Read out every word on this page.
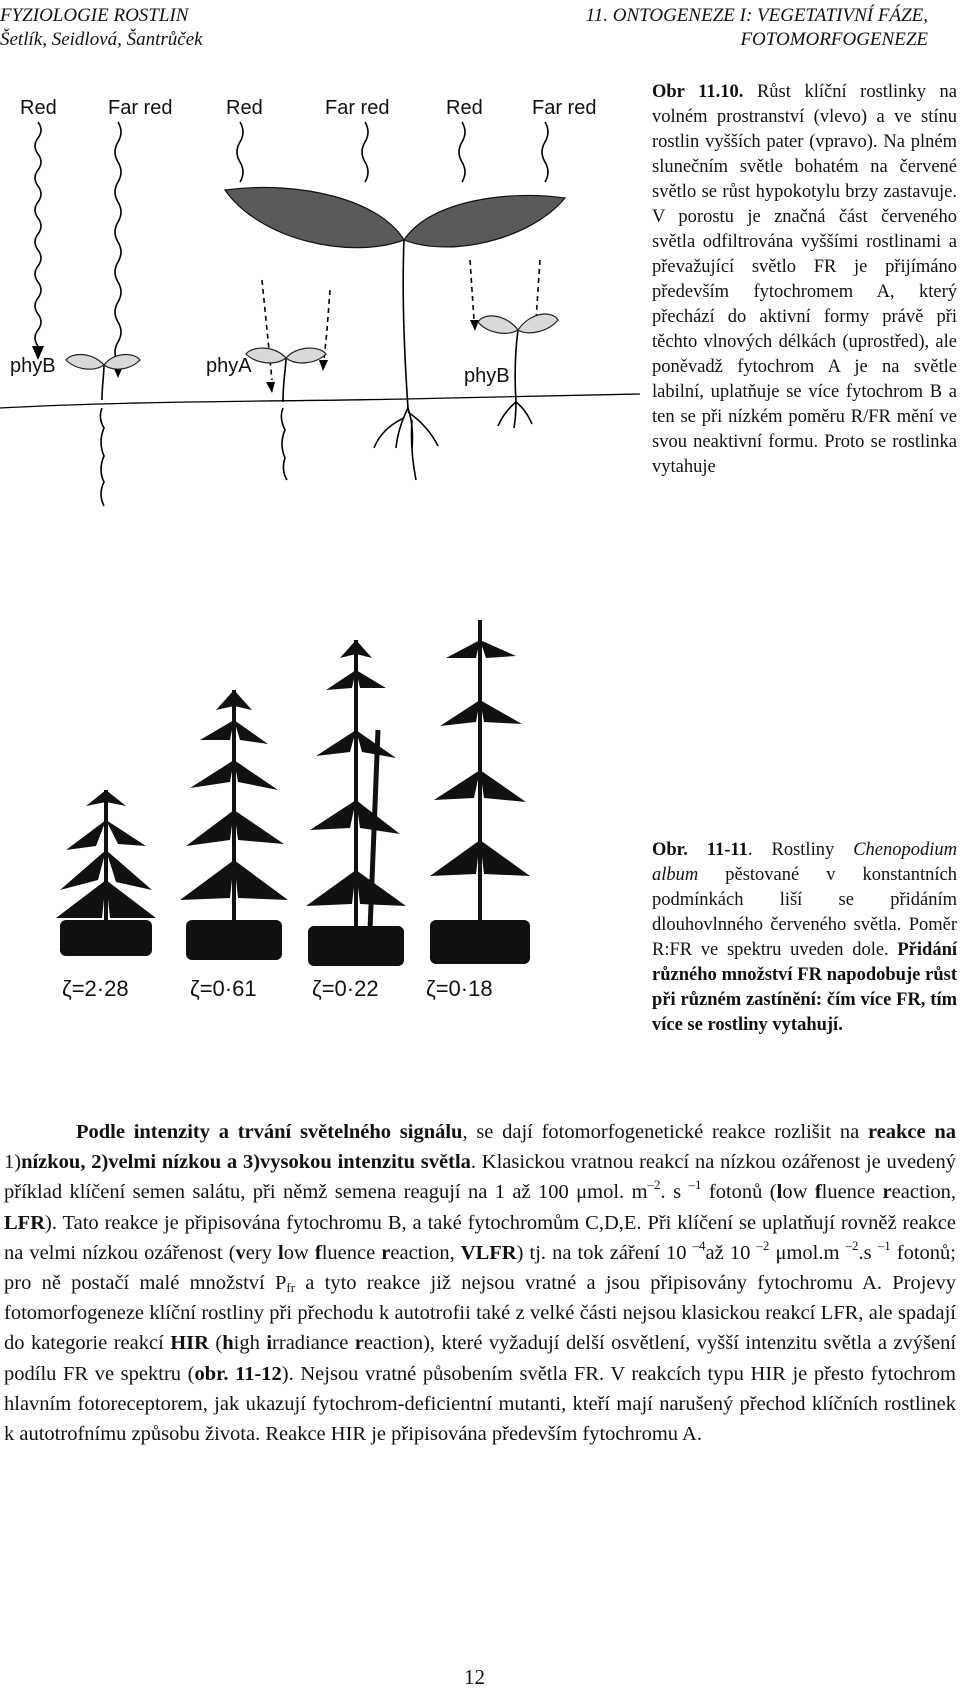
FYZIOLOGIE ROSTLIN
Šetlík, Seidlová, Šantrůček
11. ONTOGENEZE I: VEGETATIVNÍ FÁZE,
FOTOMORFOGENEZE
Red	Far red	Red	Far red	Red Far red
phyB	phyA	phyB
Obr 11.10. Růst klíční rostlinky na volném prostranství (vlevo) a ve stínu rostlin vyšších pater (vpravo). Na plném slunečním světle bohatém na červené světlo se růst hypokotylu brzy zastavuje. V porostu je značná část červeného světla odfiltrována vyššími rostlinami a převažující světlo FR je přijímáno především fytochromem A, který přechází do aktivní formy právě při těchto vlnových délkách (uprostřed), ale poněvadž fytochrom A je na světle labilní, uplatňuje se více fytochrom B a ten se při nízkém poměru R/FR mění ve svou neaktivní formu. Proto se rostlinka vytahuje
ζ=2·28	ζ=0·61	ζ=0·22 ζ=0·18
Obr. 11-11. Rostliny Chenopodium album pěstované v konstantních podmínkách liší se přidáním dlouhovlnného červeného světla. Poměr R:FR ve spektru uveden dole. Přidání různého množství FR napodobuje růst při různém zastínění: čím více FR, tím více se rostliny vytahují.

Podle intenzity a trvání světelného signálu, se dají fotomorfogenetické reakce rozlišit na reakce na 1)nízkou, 2)velmi nízkou a 3)vysokou intenzitu světla. Klasickou vratnou reakcí na nízkou ozářenost je uvedený příklad klíčení semen salátu, při němž semena reagují na 1 až 100 μmol. $m^{-2}$. s $^{-1}$ fotonů (low fluence reaction, LFR). Tato reakce je připisována fytochromu B, a také fytochromům C,D,E. Při klíčení se uplatňují rovněž reakce na velmi nízkou ozářenost (very low fluence reaction, VLFR) tj. na tok záření 10 $^{-4}$až 10 $^{-2}$ μmol.m $^{-2}$.s $^{-1}$ fotonů; pro ně postačí malé množství $P_{fr}$ a tyto reakce již nejsou vratné a jsou připisovány fytochromu A. Projevy fotomorfogeneze klíční rostliny při přechodu k autotrofii také z velké části nejsou klasickou reakcí LFR, ale spadají do kategorie reakcí HIR (high irradiance reaction), které vyžadují delší osvětlení, vyšší intenzitu světla a zvýšení podílu FR ve spektru (obr. 11-12). Nejsou vratné působením světla FR. V reakcích typu HIR je přesto fytochrom hlavním fotoreceptorem, jak ukazují fytochrom-deficientní mutanti, kteří mají narušený přechod klíčních rostlinek k autotrofnímu způsobu života. Reakce HIR je připisována především fytochromu A.

12
